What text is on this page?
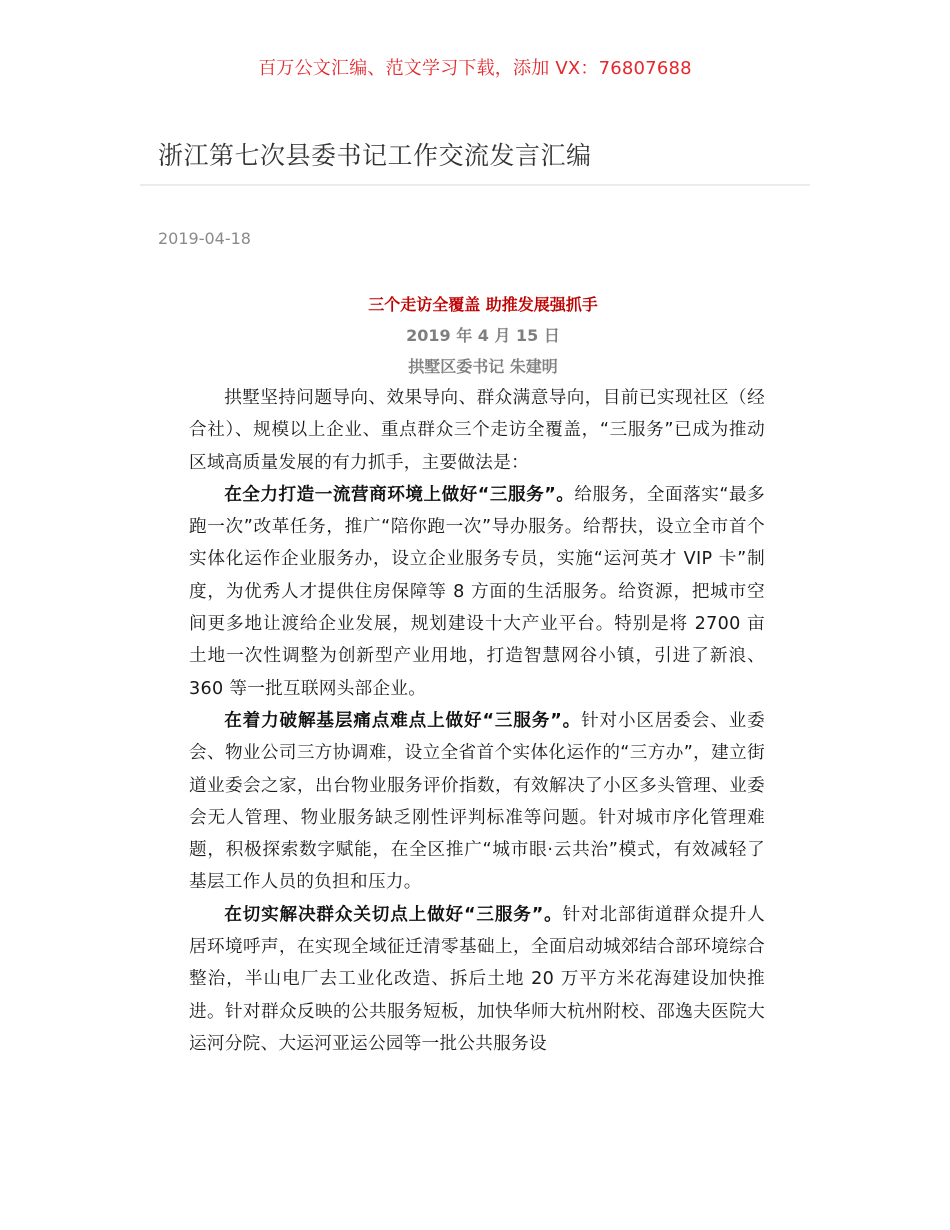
百万公文汇编、范文学习下载，添加 VX：76807688
浙江第七次县委书记工作交流发言汇编
2019-04-18

三个走访全覆盖 助推发展强抓手

2019 年 4 月 15 日

拱墅区委书记 朱建明

拱墅坚持问题导向、效果导向、群众满意导向，目前已实现社区（经合社）、规模以上企业、重点群众三个走访全覆盖，“三服务”已成为推动区域高质量发展的有力抓手，主要做法是：

在全力打造一流营商环境上做好“三服务”。给服务，全面落实“最多跑一次”改革任务，推广“陪你跑一次”导办服务。给帮扶，设立全市首个实体化运作企业服务办，设立企业服务专员，实施“运河英才 VIP 卡”制度，为优秀人才提供住房保障等 8 方面的生活服务。给资源，把城市空间更多地让渡给企业发展，规划建设十大产业平台。特别是将 2700 亩土地一次性调整为创新型产业用地，打造智慧网谷小镇，引进了新浪、360 等一批互联网头部企业。

在着力破解基层痛点难点上做好“三服务”。针对小区居委会、业委会、物业公司三方协调难，设立全省首个实体化运作的“三方办”，建立街道业委会之家，出台物业服务评价指数，有效解决了小区多头管理、业委会无人管理、物业服务缺乏刚性评判标准等问题。针对城市序化管理难题，积极探索数字赋能，在全区推广“城市眼·云共治”模式，有效减轻了基层工作人员的负担和压力。

在切实解决群众关切点上做好“三服务”。针对北部街道群众提升人居环境呼声，在实现全域征迁清零基础上，全面启动城郊结合部环境综合整治，半山电厂去工业化改造、拆后土地 20 万平方米花海建设加快推进。针对群众反映的公共服务短板，加快华师大杭州附校、邵逸夫医院大运河分院、大运河亚运公园等一批公共服务设
